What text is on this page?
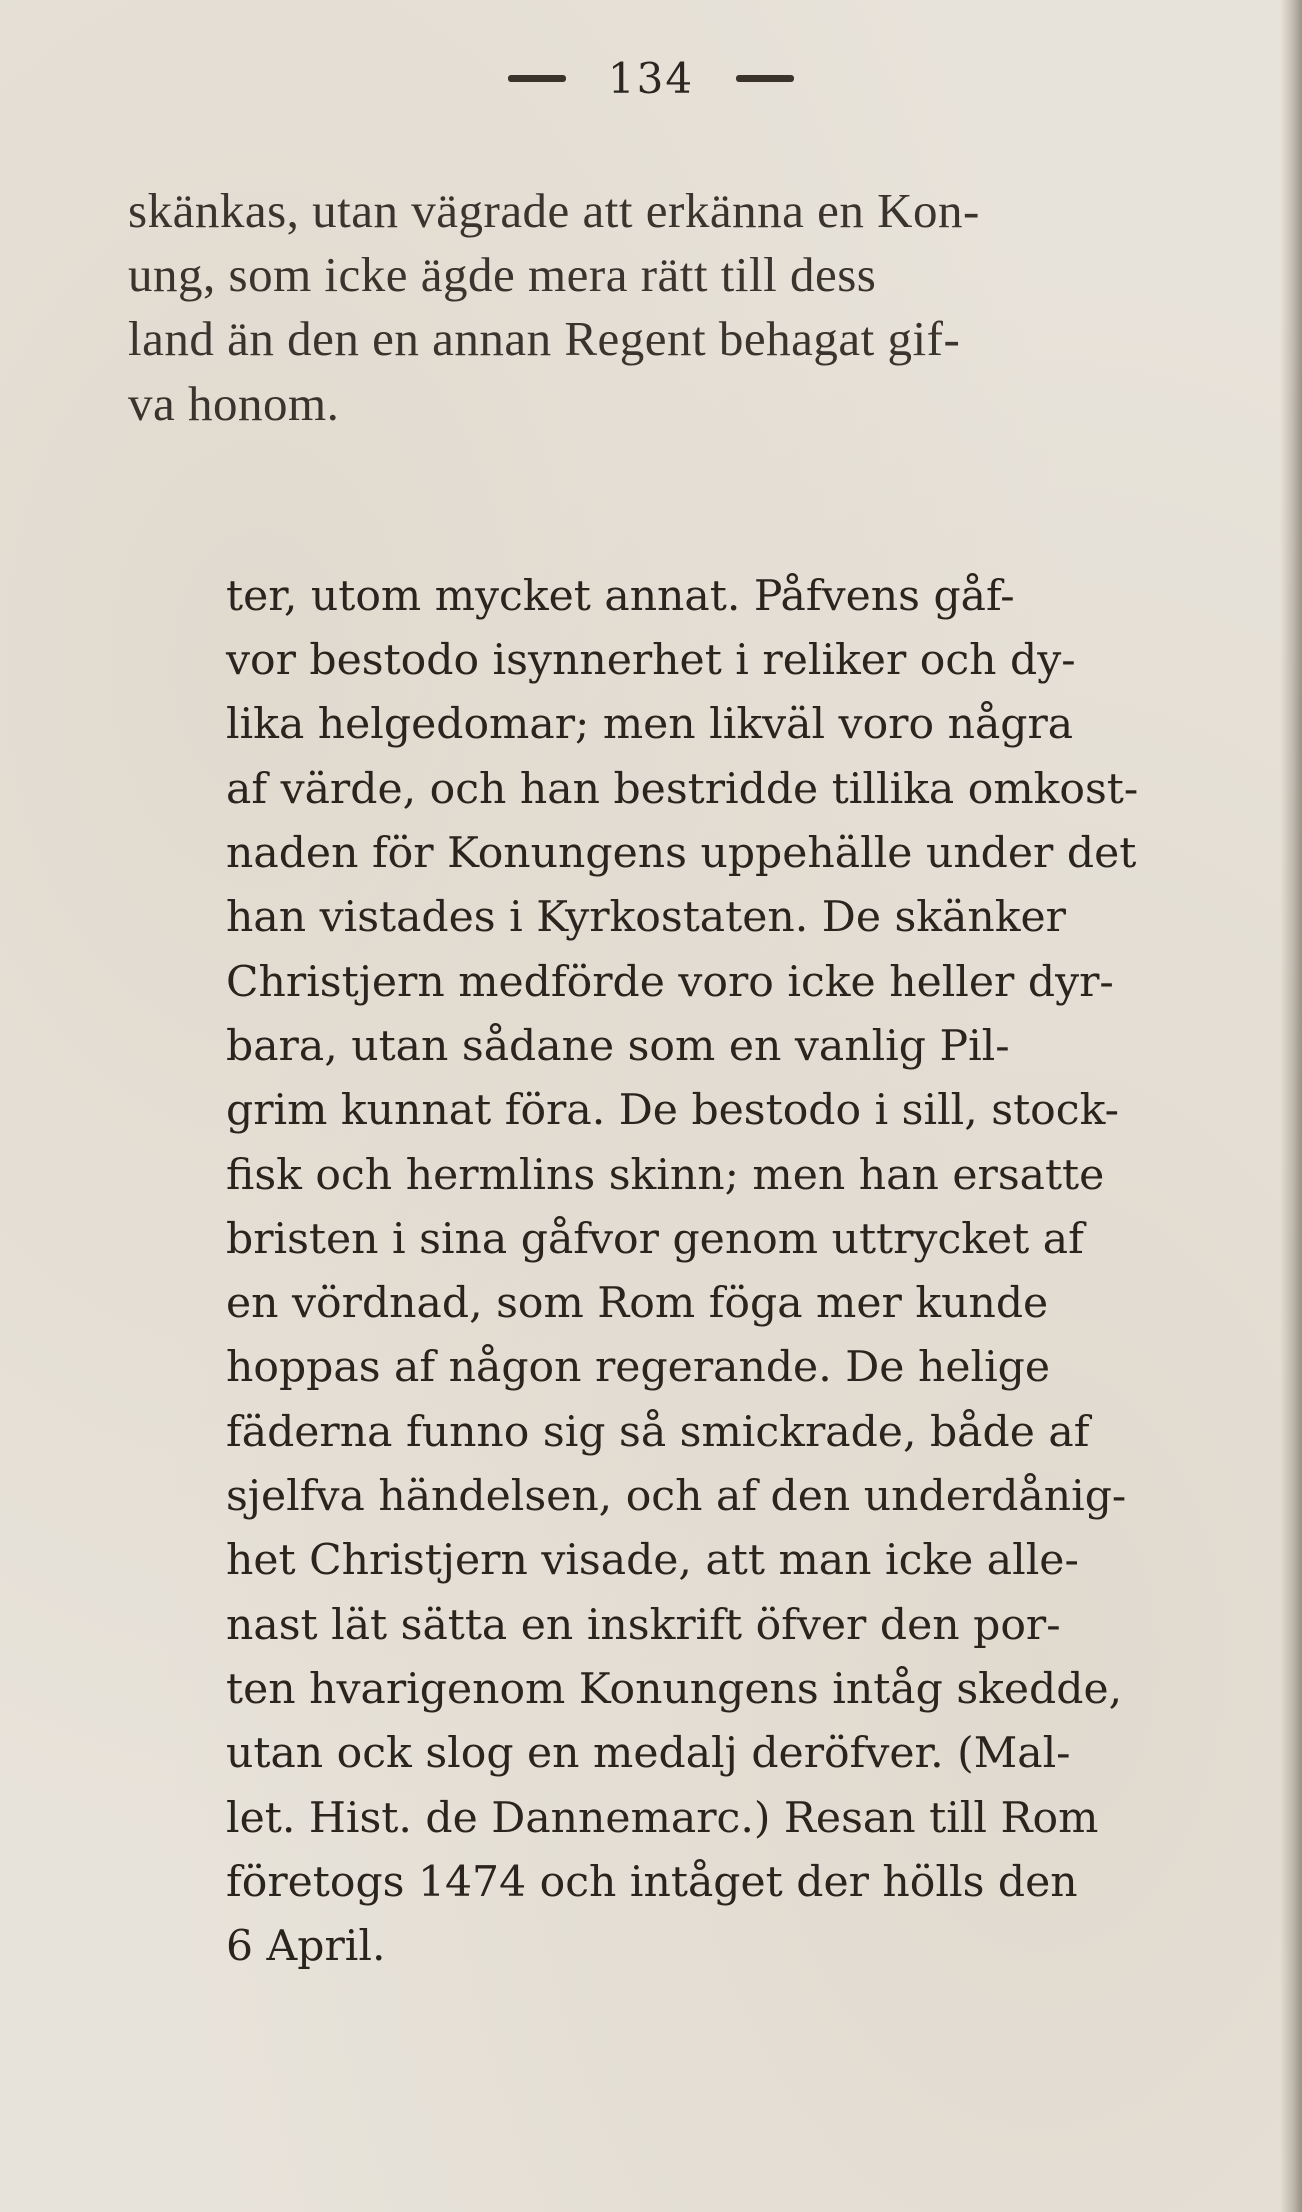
134
skänkas, utan vägrade att erkänna en Kon-
ung, som icke ägde mera rätt till dess
land än den en annan Regent behagat gif-
va honom.
ter, utom mycket annat. Påfvens gåf-
vor bestodo isynnerhet i reliker och dy-
lika helgedomar; men likväl voro några
af värde, och han bestridde tillika omkost-
naden för Konungens uppehälle under det
han vistades i Kyrkostaten. De skänker
Christjern medförde voro icke heller dyr-
bara, utan sådane som en vanlig Pil-
grim kunnat föra. De bestodo i sill, stock-
fisk och hermlins skinn; men han ersatte
bristen i sina gåfvor genom uttrycket af
en vördnad, som Rom föga mer kunde
hoppas af någon regerande. De helige
fäderna funno sig så smickrade, både af
sjelfva händelsen, och af den underdånig-
het Christjern visade, att man icke alle-
nast lät sätta en inskrift öfver den por-
ten hvarigenom Konungens intåg skedde,
utan ock slog en medalj deröfver. (Mal-
let. Hist. de Dannemarc.) Resan till Rom
företogs 1474 och intåget der hölls den
6 April.
